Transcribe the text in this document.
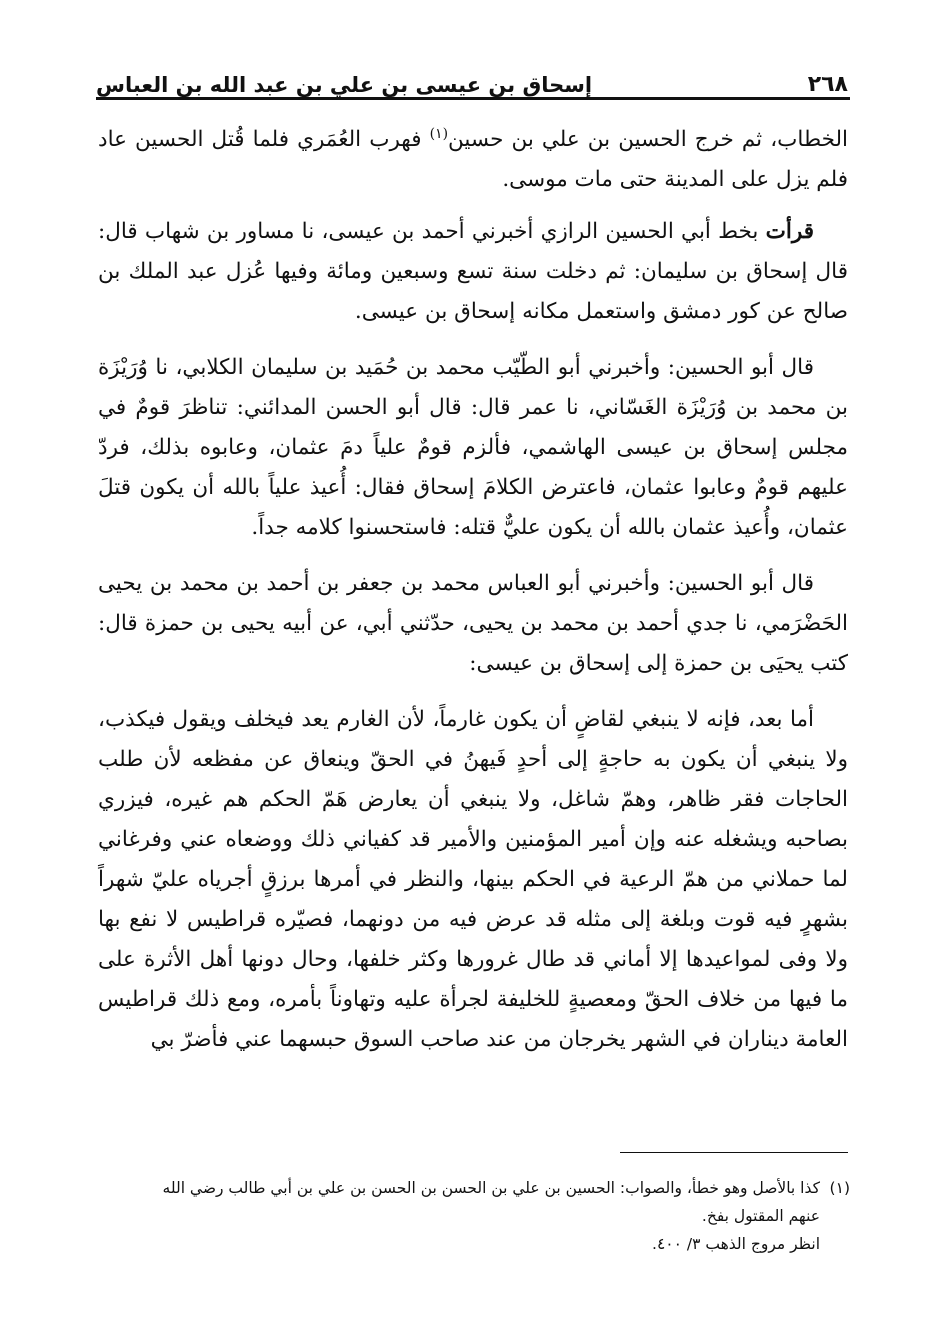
٢٦٨
إسحاق بن عيسى بن علي بن عبد الله بن العباس

الخطاب، ثم خرج الحسين بن علي بن حسين$^{(١)}$ فهرب العُمَري فلما قُتل الحسين عاد فلم يزل على المدينة حتى مات موسى.

قرأت بخط أبي الحسين الرازي أخبرني أحمد بن عيسى، نا مساور بن شهاب قال: قال إسحاق بن سليمان: ثم دخلت سنة تسع وسبعين ومائة وفيها عُزل عبد الملك بن صالح عن كور دمشق واستعمل مكانه إسحاق بن عيسى.

قال أبو الحسين: وأخبرني أبو الطّيّب محمد بن حُمَيد بن سليمان الكلابي، نا وُرَيْزَة بن محمد بن وُرَيْزَة الغَسّاني، نا عمر قال: قال أبو الحسن المدائني: تناظرَ قومٌ في مجلس إسحاق بن عيسى الهاشمي، فألزم قومٌ علياً دمَ عثمان، وعابوه بذلك، فردّ عليهم قومٌ وعابوا عثمان، فاعترض الكلامَ إسحاق فقال: أُعيذ علياً بالله أن يكون قتلَ عثمان، وأُعيذ عثمان بالله أن يكون عليٌّ قتله: فاستحسنوا كلامه جداً.

قال أبو الحسين: وأخبرني أبو العباس محمد بن جعفر بن أحمد بن محمد بن يحيى الحَضْرَمي، نا جدي أحمد بن محمد بن يحيى، حدّثني أبي، عن أبيه يحيى بن حمزة قال: كتب يحيَى بن حمزة إلى إسحاق بن عيسى:

أما بعد، فإنه لا ينبغي لقاضٍ أن يكون غارماً، لأن الغارم يعد فيخلف ويقول فيكذب، ولا ينبغي أن يكون به حاجةٍ إلى أحدٍ فَيهنُ في الحقّ وينعاق عن مفظعه لأن طلب الحاجات فقر ظاهر، وهمّ شاغل، ولا ينبغي أن يعارض هَمّ الحكم هم غيره، فيزري بصاحبه ويشغله عنه وإن أمير المؤمنين والأمير قد كفياني ذلك ووضعاه عني وفرغاني لما حملاني من همّ الرعية في الحكم بينها، والنظر في أمرها برزقٍ أجرياه عليّ شهراً بشهرٍ فيه قوت وبلغة إلى مثله قد عرض فيه من دونهما، فصيّره قراطيس لا نفع بها ولا وفى لمواعيدها إلا أماني قد طال غرورها وكثر خلفها، وحال دونها أهل الأثرة على ما فيها من خلاف الحقّ ومعصيةٍ للخليفة لجرأة عليه وتهاوناً بأمره، ومع ذلك قراطيس العامة ديناران في الشهر يخرجان من عند صاحب السوق حبسهما عني فأضرّ بي

(١)
كذا بالأصل وهو خطأ، والصواب: الحسين بن علي بن الحسن بن الحسن بن علي بن أبي طالب رضي الله
عنهم المقتول بفخ.
انظر مروج الذهب ٣/ ٤٠٠.
